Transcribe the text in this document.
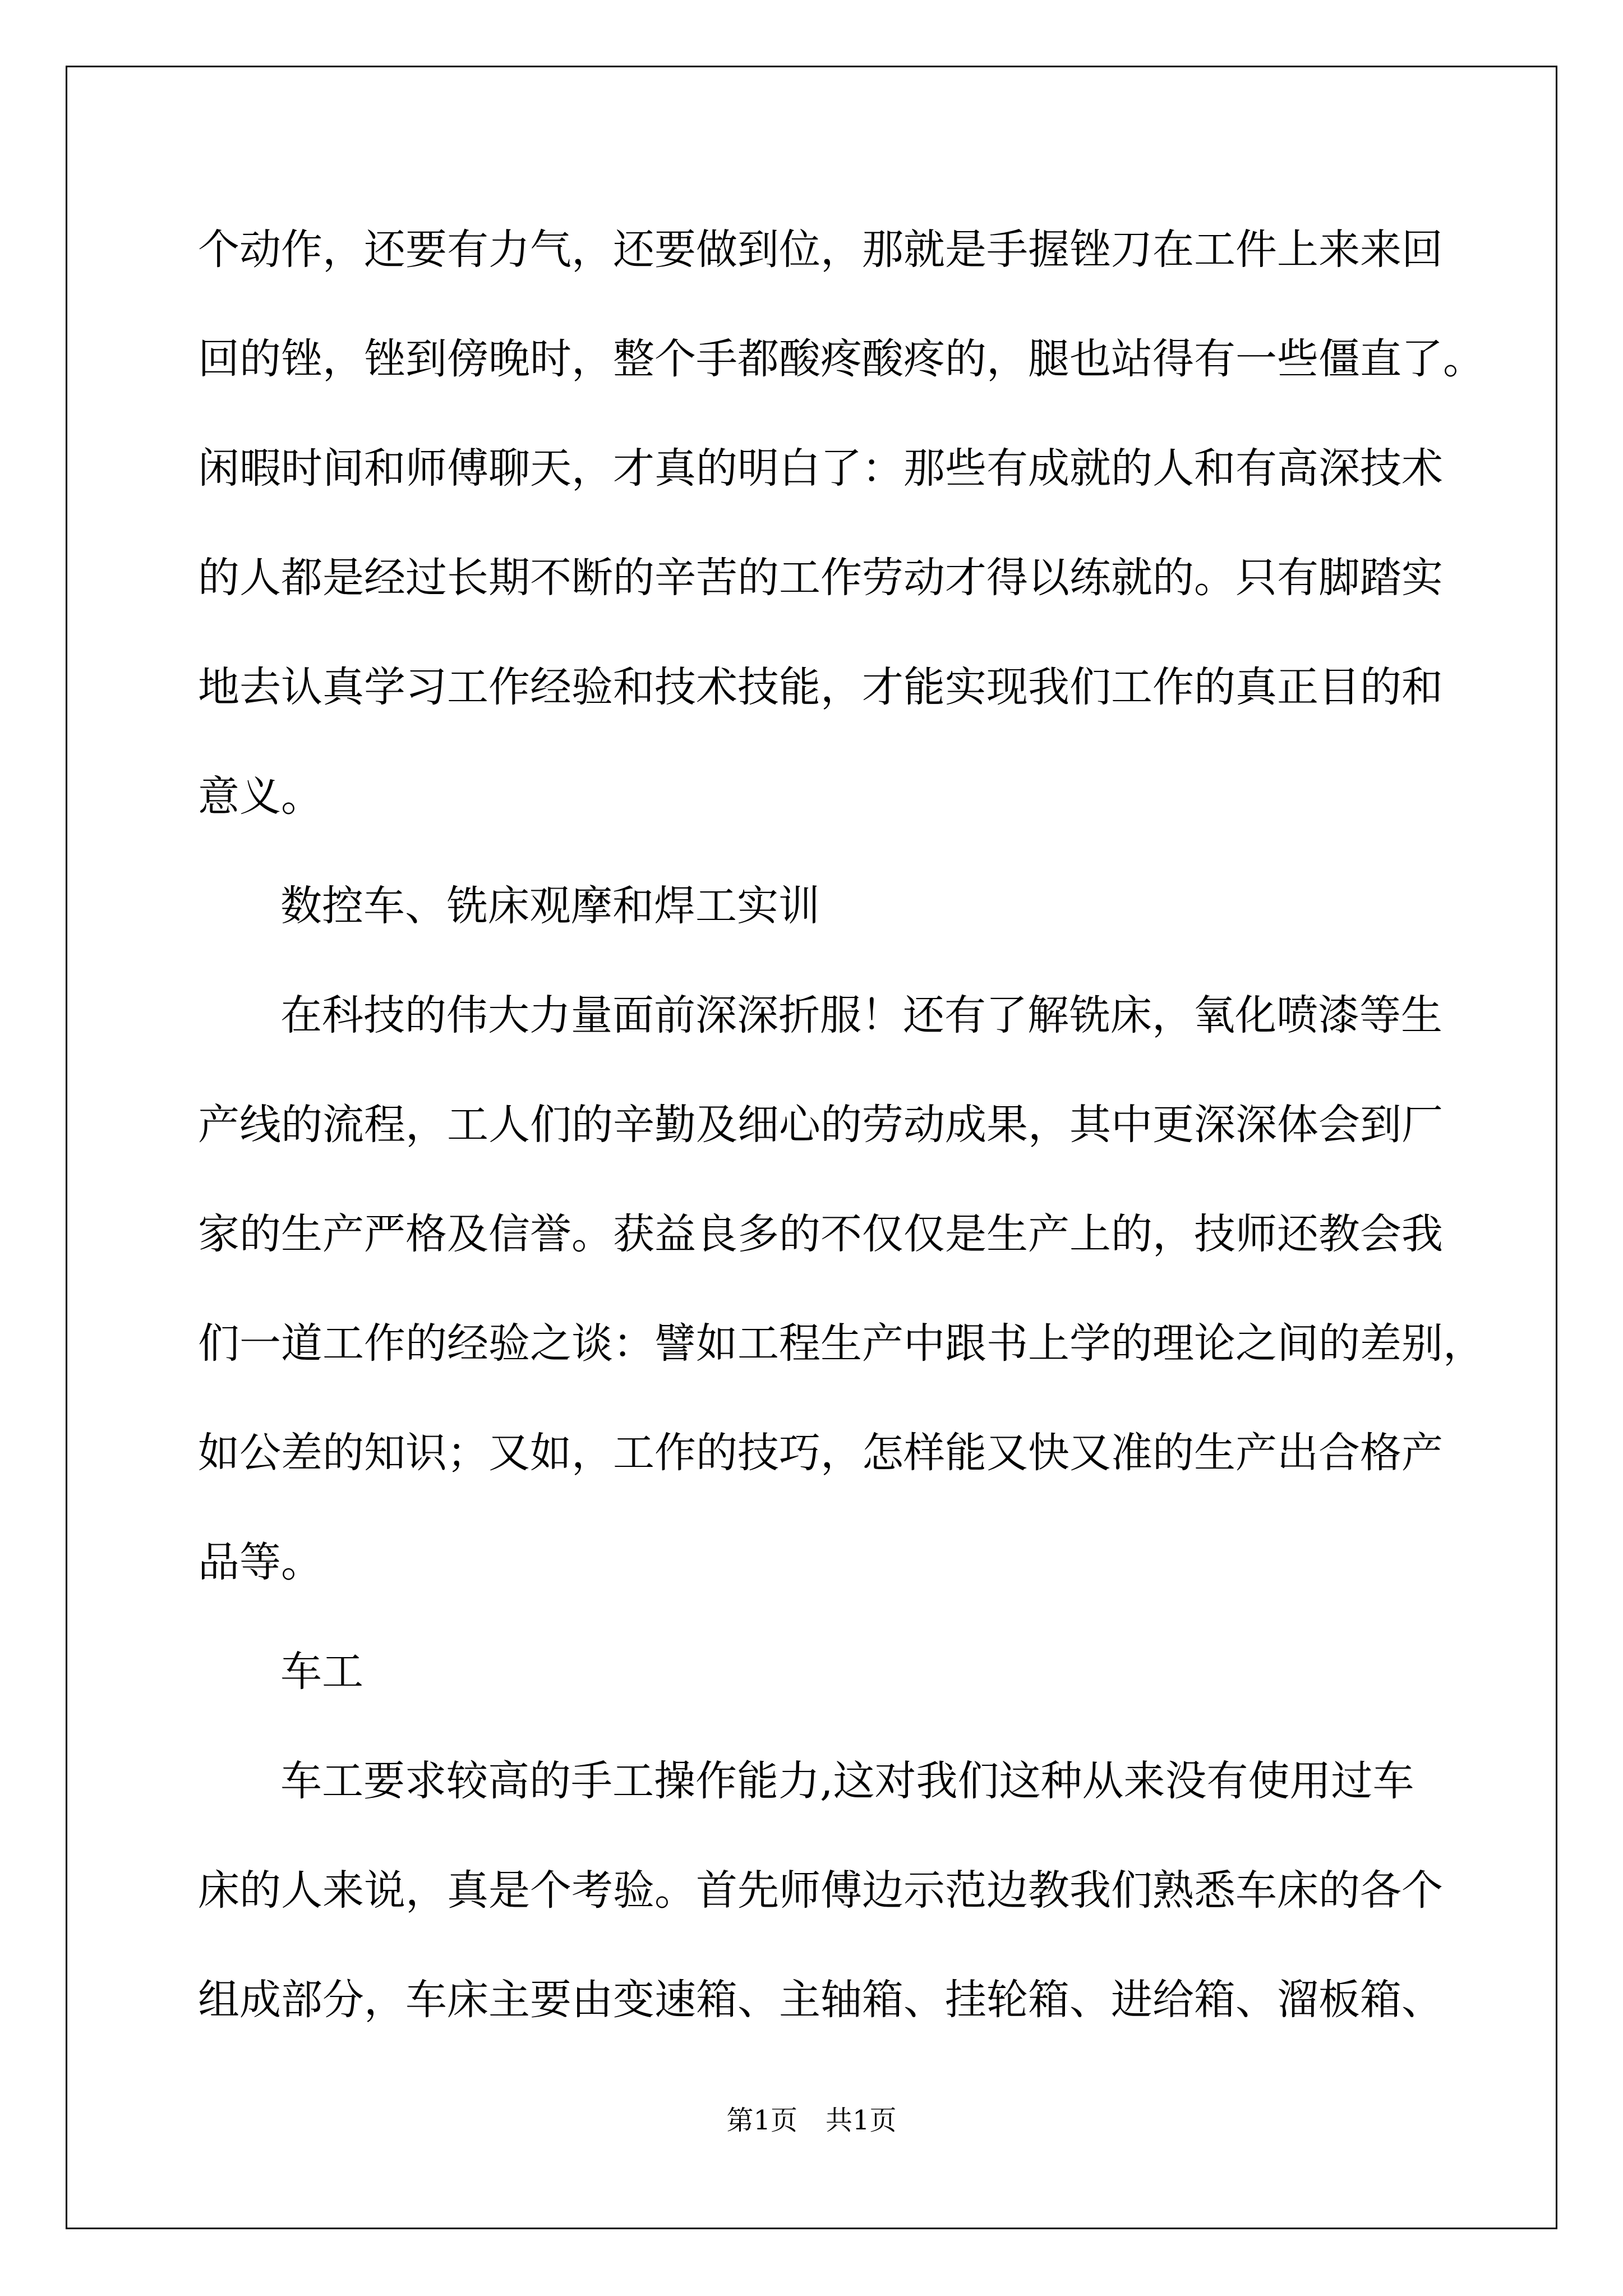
个动作，还要有力气，还要做到位，那就是手握锉刀在工件上来来回
回的锉，锉到傍晚时，整个手都酸疼酸疼的，腿也站得有一些僵直了。
闲暇时间和师傅聊天，才真的明白了：那些有成就的人和有高深技术
的人都是经过长期不断的辛苦的工作劳动才得以练就的。只有脚踏实
地去认真学习工作经验和技术技能，才能实现我们工作的真正目的和
意义。
数控车、铣床观摩和焊工实训
在科技的伟大力量面前深深折服！还有了解铣床，氧化喷漆等生
产线的流程，工人们的辛勤及细心的劳动成果，其中更深深体会到厂
家的生产严格及信誉。获益良多的不仅仅是生产上的，技师还教会我
们一道工作的经验之谈：譬如工程生产中跟书上学的理论之间的差别，
如公差的知识；又如，工作的技巧，怎样能又快又准的生产出合格产
品等。
车工
车工要求较高的手工操作能力,这对我们这种从来没有使用过车
床的人来说，真是个考验。首先师傅边示范边教我们熟悉车床的各个
组成部分，车床主要由变速箱、主轴箱、挂轮箱、进给箱、溜板箱、
第1页 共1页
